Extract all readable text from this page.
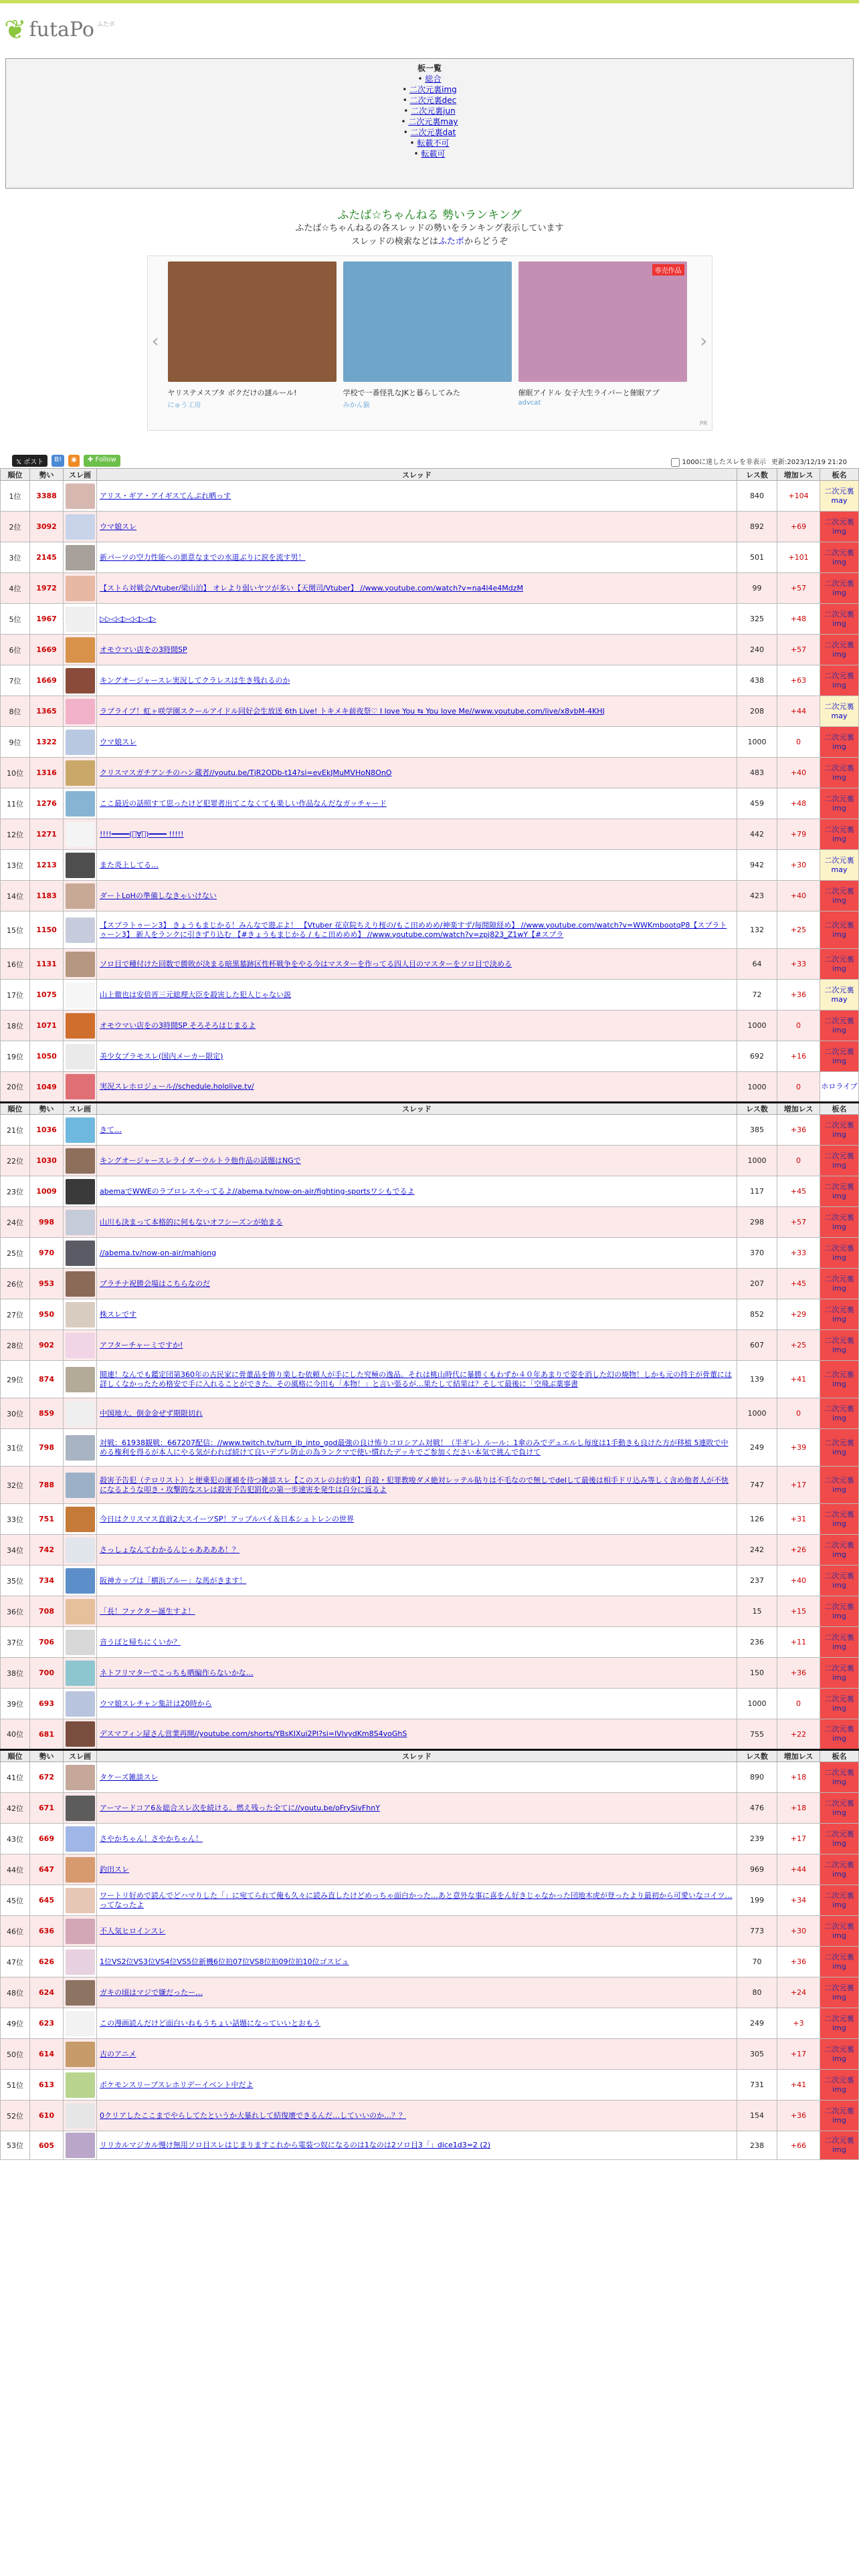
❦ futaPo ふたポ
板一覧
• 総合
• 二次元裏img
• 二次元裏dec
• 二次元裏jun
• 二次元裏may
• 二次元裏dat
• 転載不可
• 転載可
ふたば☆ちゃんねる 勢いランキング

ふたば☆ちゃんねるの各スレッドの勢いをランキング表示しています

スレッドの検索などはふたポからどうぞ

‹	›
ヤリステメスブタ ボクだけの謎ルール!
にゅう工房
学校で一番怪乳なJKと暮らしてみた
みかん猫
催眠アイドル 女子大生ライバーと催眠アプ
advcat
専売作品
PR
𝕏 ポスト	B!	◉	✚ Follow	1000に達したスレを非表示 更新:2023/12/19 21:20
順位	勢い	スレ画	スレッド	レス数	増加レス	板名
1位	3388		アリス・ギア・アイギスてんぷれ晒っす	840	+104	二次元裏may
2位	3092		ウマ娘スレ	892	+69	二次元裏img
3位	2145		新パーツの空力性能への悪意なまでの水道ぶりに涙を流す男！	501	+101	二次元裏img
4位	1972		【ストら対戦会/Vtuber/梁山泊】 オレより弱いヤツが多い【天開司/Vtuber】 //www.youtube.com/watch?v=na4l4e4MdzM	99	+57	二次元裏img
5位	1967		▷▷◁◁▷◁◁▷◁▷	325	+48	二次元裏img
6位	1669		オモウマい店をの3時間SP	240	+57	二次元裏img
7位	1669		キングオージャースレ実況してクラレスは生き残れるのか	438	+63	二次元裏img
8位	1365		ラブライブ！虹ヶ咲学園スクールアイドル同好会生放送 6th Live! トキメキ前夜祭♡ I love You ⇆ You love Me//www.youtube.com/live/x8ybM-4KHJ	208	+44	二次元裏may
9位	1322		ウマ娘スレ	1000	0	二次元裏img
10位	1316		クリスマスガチアンチのハン蔵者//youtu.be/TjR2ODb-t14?si=evEkJMuMVHoN8OnO	483	+40	二次元裏img
11位	1276		ここ最近の話照すて思ったけど犯罪者出てこなくても楽しい作品なんだなガッチャード	459	+48	二次元裏img
12位	1271		!!!!━━━━(ﾟ∀ﾟ)━━━━ !!!!!	442	+79	二次元裏img
13位	1213		また炎上してる…	942	+30	二次元裏may
14位	1183		ダートLoHの準備しなきゃいけない	423	+40	二次元裏img
15位	1150		【スプラトゥーン3】 きょうもまじかる！みんなで遊ぶよ！ 【Vtuber 花京院ちえり桜の/もこ田めめめ/神楽すず/毎間隙経め】 //www.youtube.com/watch?v=WWKmbootqP8【スプラトゥーン3】 新人をランクに引きずり込む 【#きょうもまじかる / もこ田めめめ】 //www.youtube.com/watch?v=zpj823_Z1wY【#スプラ	132	+25	二次元裏img
16位	1131		ソロ目で種付けた回数で勝敗が決まる暗黒墓跡区性杯戦争をやる今はマスターを作ってる四人目のマスターをソロ目で決める	64	+33	二次元裏img
17位	1075		山上徹也は安倍晋三元総理大臣を殺害した犯人じゃない説	72	+36	二次元裏may
18位	1071		オモウマい店をの3時間SP そろそろはじまるよ	1000	0	二次元裏img
19位	1050		美少女プラモスレ(国内メーカー限定)	692	+16	二次元裏img
20位	1049		実況スレホロジュール//schedule.hololive.tv/	1000	0	ホロライブ
順位	勢い	スレ画	スレッド	レス数	増加レス	板名
21位	1036		きて…	385	+36	二次元裏img
22位	1030		キングオージャースレライダーウルトラ他作品の話題はNGで	1000	0	二次元裏img
23位	1009		abemaでWWEのラプロレスやってるよ//abema.tv/now-on-air/fighting-sportsワシもでるよ	117	+45	二次元裏img
24位	998		山川も決まって本格的に何もないオフシーズンが始まる	298	+57	二次元裏img
25位	970		//abema.tv/now-on-air/mahjong	370	+33	二次元裏img
26位	953		プラチナ祝勝会場はこちらなのだ	207	+45	二次元裏img
27位	950		株スレです	852	+29	二次元裏img
28位	902		アフターチャーミですか!	607	+25	二次元裏img
29位	874		閲連！なんでも鑑定団第360年の古民家に骨董品を飾り楽しむ依頼人が手にした究極の逸品。それは桃山時代に暴勝くもわずか４０年あまりで姿を消した幻の焼物！しかも元の持主が骨董には詳しくなかったため格安で手に入れることができた。その風格に今田も「本物！」と言い張るが…果たして結果は？そして最後に「空飛ぶ薬事書	139	+41	二次元裏img
30位	859		中国地大、倒金金ぜず期限切れ	1000	0	二次元裏img
31位	798		対戦：61938観戦：667207配信：//www.twitch.tv/turn_ib_into_god最強の良け怖りコロシアム対戦！（半ギレ）ルール：1傘のみでデュエルし毎度は1手動きも良けた方が移植 5連敗で中める権利を得るが本人にやる気がわれば続けて良いデブレ防止の為ランクマで使い慣れたデッキでご参加ください本気で挑んで負けて	249	+39	二次元裏img
32位	788		殺害予告犯（テロリスト）と便乗犯の運補を待つ雑談スレ【このスレのお約束】自殺・犯罪教唆ダメ絶対レッテル貼りは不毛なので無しでdelして最後は相手ドリ込み等しく含め他者人が不快になるような叩き・攻撃的なスレは殺害予告犯罰化の第一歩速害を発生は自分に返るよ	747	+17	二次元裏img
33位	751		今日はクリスマス直前2大スイーツSP！アップルパイ＆日本シュトレンの世界	126	+31	二次元裏img
34位	742		さっしょなんてわかるんじゃああああ！？	242	+26	二次元裏img
35位	734		阪神カップは「横浜ブルー」な馬がきます！	237	+40	二次元裏img
36位	708		「長！ファクター誕生すよ！	15	+15	二次元裏img
37位	706		音うぽと帰ちにくいか？	236	+11	二次元裏img
38位	700		ネトフリマターでこっちも晒編作らないかな…	150	+36	二次元裏img
39位	693		ウマ娘スレチャン集計は20時から	1000	0	二次元裏img
40位	681		デスマフィン屋さん営業再開//youtube.com/shorts/YBsKIXui2Pl?si=lVlvydKm8S4voGhS	755	+22	二次元裏img
順位	勢い	スレ画	スレッド	レス数	増加レス	板名
41位	672		タケーズ雑談スレ	890	+18	二次元裏img
42位	671		アーマードコア6＆総合スレ次を続ける。燃え残った全てに//youtu.be/oFrySivFhnY	476	+18	二次元裏img
43位	669		さやかちゃん！さやかちゃん！	239	+17	二次元裏img
44位	647		釣田スレ	969	+44	二次元裏img
45位	645		ワートリ好めで読んでどハマりした「」に宛てられて俺も久々に読み直したけどめっちゃ面白かった…あと意外な事に喜をん好きじゃなかった団地木虎が登ったより最初から可愛いなコイツ…ってなったよ	199	+34	二次元裏img
46位	636		不人気ヒロインスレ	773	+30	二次元裏img
47位	626		1位VS2位VS3位VS4位VS5位新機6位拍07位VS8位拍09位拍10位ゴスビュ	70	+36	二次元裏img
48位	624		ガキの頃はマジで嫌だったー…	80	+24	二次元裏img
49位	623		この漫画読んだけど面白いねもうちょい話題になっていいとおもう	249	+3	二次元裏img
50位	614		古のアニメ	305	+17	二次元裏img
51位	613		ポケモンスリープスレホリデーイベント中だよ	731	+41	二次元裏img
52位	610		0クリアしたここまでやらしてたというか大暴れして結復壊できるんだ…していいのか…？？	154	+36	二次元裏img
53位	605		リリカルマジカル慢け無用ソロ目スレはじまりますこれから電装つ奴になるのは1なのは2ソロ目3「」dice1d3=2 (2)	238	+66	二次元裏img
